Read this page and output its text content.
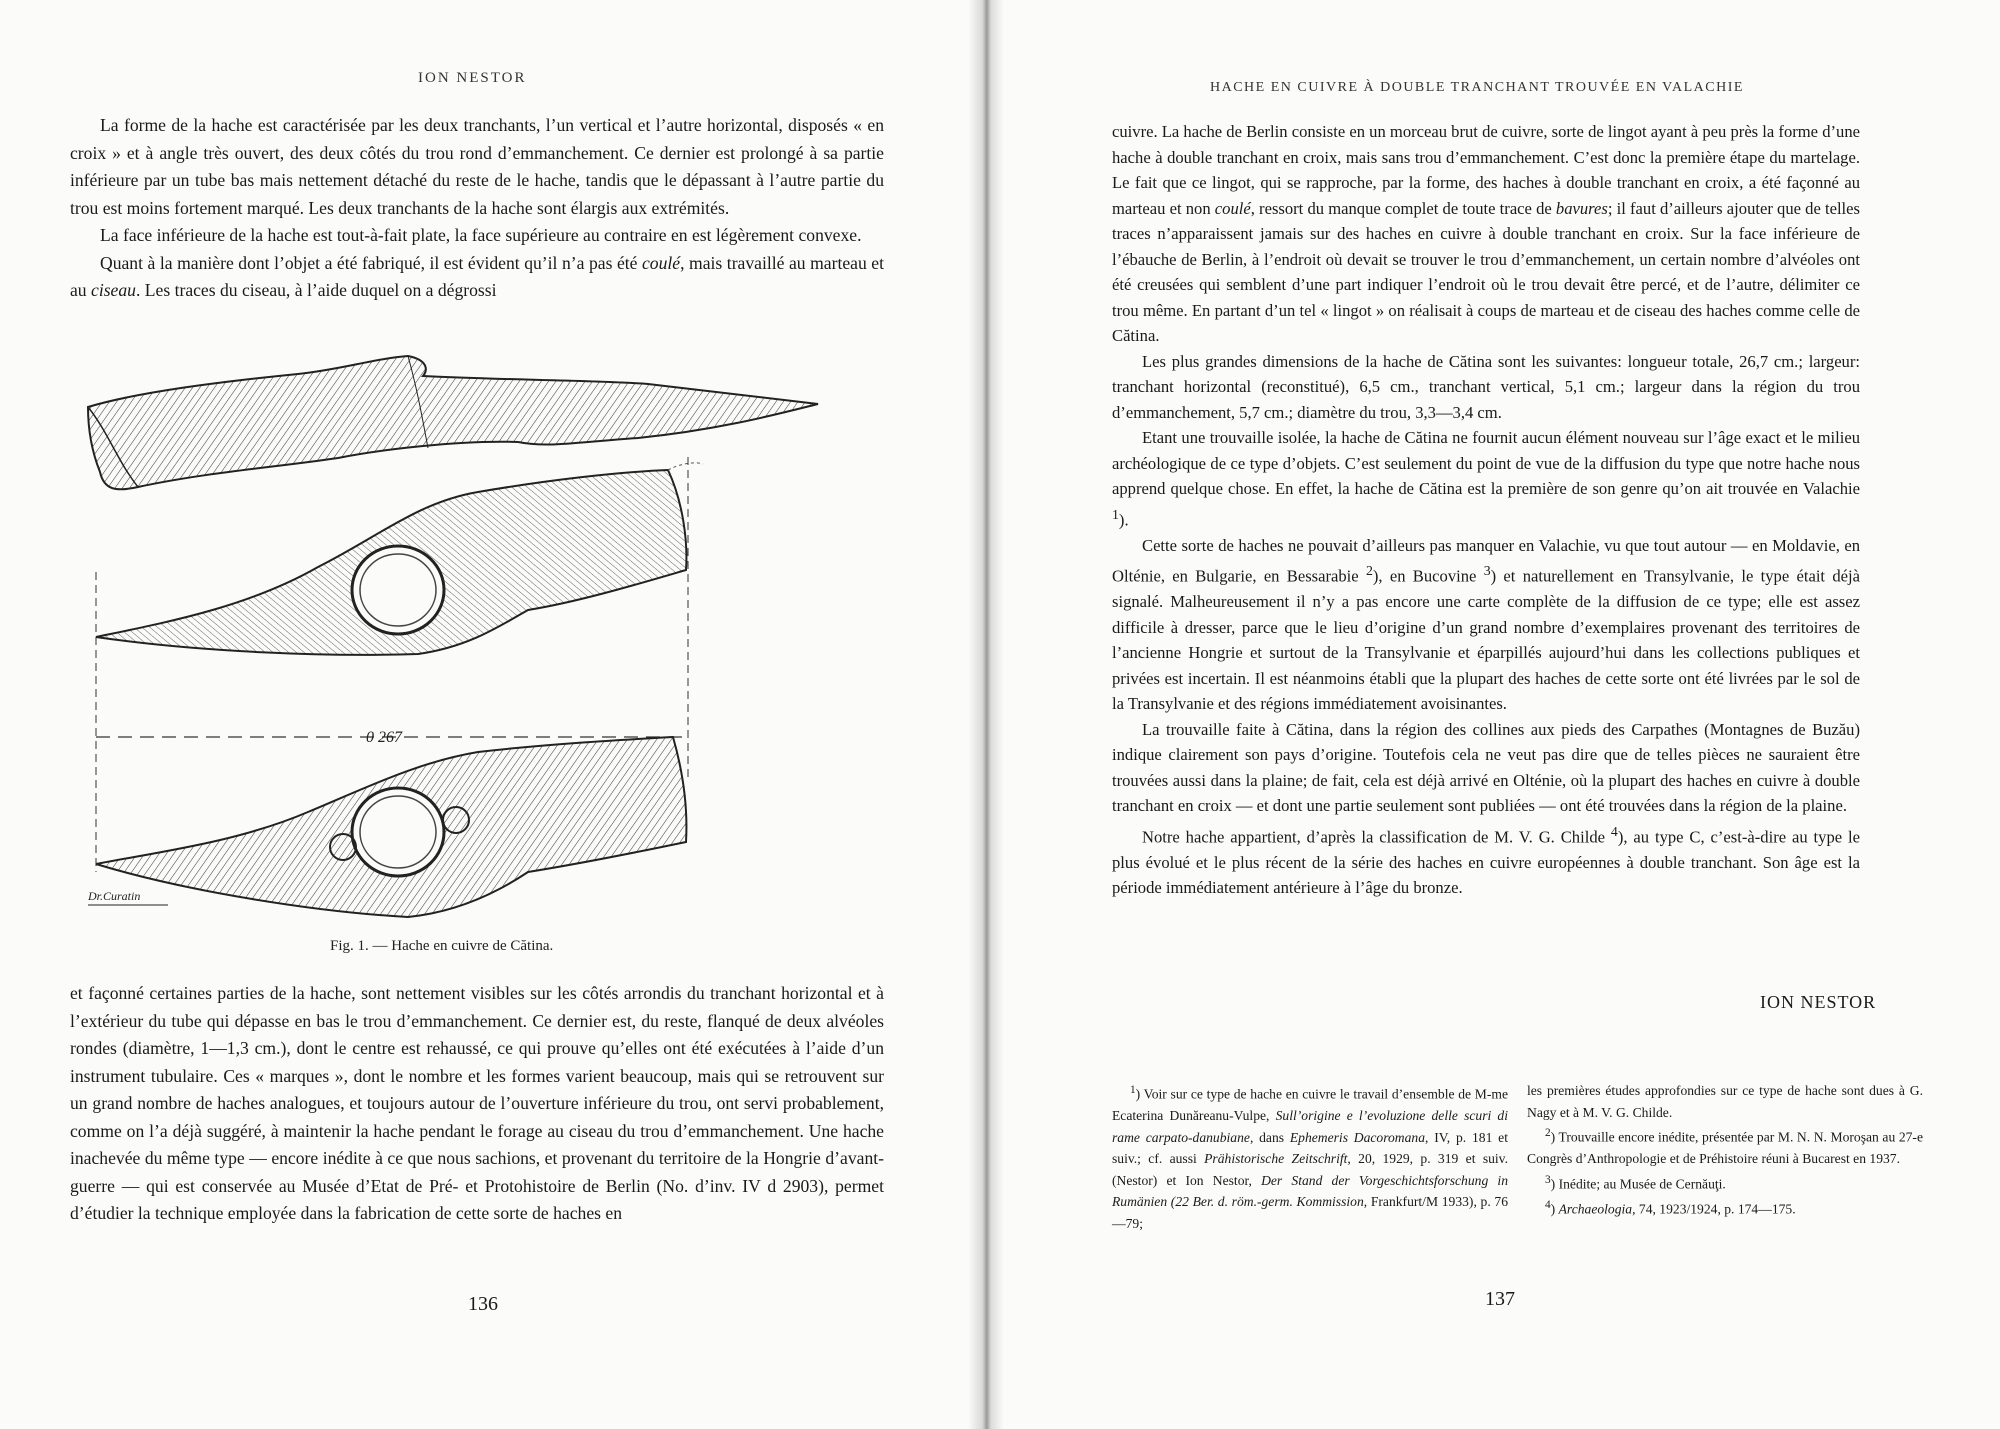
ION NESTOR

La forme de la hache est caractérisée par les deux tranchants, l’un vertical et l’autre horizontal, disposés « en croix » et à angle très ouvert, des deux côtés du trou rond d’emmanchement. Ce dernier est prolongé à sa partie inférieure par un tube bas mais nettement détaché du reste de le hache, tandis que le dépassant à l’autre partie du trou est moins fortement marqué. Les deux tranchants de la hache sont élargis aux extrémités.

La face inférieure de la hache est tout-à-fait plate, la face supérieure au contraire en est légèrement convexe.

Quant à la manière dont l’objet a été fabriqué, il est évident qu’il n’a pas été coulé, mais travaillé au marteau et au ciseau. Les traces du ciseau, à l’aide duquel on a dégrossi

0 267
Dr.Curatin
Fig. 1. — Hache en cuivre de Cătina.

et façonné certaines parties de la hache, sont nettement visibles sur les côtés arrondis du tranchant horizontal et à l’extérieur du tube qui dépasse en bas le trou d’emmanchement. Ce dernier est, du reste, flanqué de deux alvéoles rondes (diamètre, 1—1,3 cm.), dont le centre est rehaussé, ce qui prouve qu’elles ont été exécutées à l’aide d’un instrument tubulaire. Ces « marques », dont le nombre et les formes varient beaucoup, mais qui se retrouvent sur un grand nombre de haches analogues, et toujours autour de l’ouverture inférieure du trou, ont servi probablement, comme on l’a déjà suggéré, à maintenir la hache pendant le forage au ciseau du trou d’emmanchement. Une hache inachevée du même type — encore inédite à ce que nous sachions, et provenant du territoire de la Hongrie d’avant-guerre — qui est conservée au Musée d’Etat de Pré- et Protohistoire de Berlin (No. d’inv. IV d 2903), permet d’étudier la technique employée dans la fabrication de cette sorte de haches en

136
HACHE EN CUIVRE À DOUBLE TRANCHANT TROUVÉE EN VALACHIE

cuivre. La hache de Berlin consiste en un morceau brut de cuivre, sorte de lingot ayant à peu près la forme d’une hache à double tranchant en croix, mais sans trou d’emmanchement. C’est donc la première étape du martelage. Le fait que ce lingot, qui se rapproche, par la forme, des haches à double tranchant en croix, a été façonné au marteau et non coulé, ressort du manque complet de toute trace de bavures; il faut d’ailleurs ajouter que de telles traces n’apparaissent jamais sur des haches en cuivre à double tranchant en croix. Sur la face inférieure de l’ébauche de Berlin, à l’endroit où devait se trouver le trou d’emmanchement, un certain nombre d’alvéoles ont été creusées qui semblent d’une part indiquer l’endroit où le trou devait être percé, et de l’autre, délimiter ce trou même. En partant d’un tel « lingot » on réalisait à coups de marteau et de ciseau des haches comme celle de Cătina.

Les plus grandes dimensions de la hache de Cătina sont les suivantes: longueur totale, 26,7 cm.; largeur: tranchant horizontal (reconstitué), 6,5 cm., tranchant vertical, 5,1 cm.; largeur dans la région du trou d’emmanchement, 5,7 cm.; diamètre du trou, 3,3—3,4 cm.

Etant une trouvaille isolée, la hache de Cătina ne fournit aucun élément nouveau sur l’âge exact et le milieu archéologique de ce type d’objets. C’est seulement du point de vue de la diffusion du type que notre hache nous apprend quelque chose. En effet, la hache de Cătina est la première de son genre qu’on ait trouvée en Valachie $^1$).

Cette sorte de haches ne pouvait d’ailleurs pas manquer en Valachie, vu que tout autour — en Moldavie, en Olténie, en Bulgarie, en Bessarabie $^2$), en Bucovine $^3$) et naturellement en Transylvanie, le type était déjà signalé. Malheureusement il n’y a pas encore une carte complète de la diffusion de ce type; elle est assez difficile à dresser, parce que le lieu d’origine d’un grand nombre d’exemplaires provenant des territoires de l’ancienne Hongrie et surtout de la Transylvanie et éparpillés aujourd’hui dans les collections publiques et privées est incertain. Il est néanmoins établi que la plupart des haches de cette sorte ont été livrées par le sol de la Transylvanie et des régions immédiatement avoisinantes.

La trouvaille faite à Cătina, dans la région des collines aux pieds des Carpathes (Montagnes de Buzău) indique clairement son pays d’origine. Toutefois cela ne veut pas dire que de telles pièces ne sauraient être trouvées aussi dans la plaine; de fait, cela est déjà arrivé en Olténie, où la plupart des haches en cuivre à double tranchant en croix — et dont une partie seulement sont publiées — ont été trouvées dans la région de la plaine.

Notre hache appartient, d’après la classification de M. V. G. Childe $^4$), au type C, c’est-à-dire au type le plus évolué et le plus récent de la série des haches en cuivre européennes à double tranchant. Son âge est la période immédiatement antérieure à l’âge du bronze.

ION NESTOR

$^1$) Voir sur ce type de hache en cuivre le travail d’ensemble de M-me Ecaterina Dunăreanu-Vulpe, Sull’origine e l’evoluzione delle scuri di rame carpato-danubiane, dans Ephemeris Dacoromana, IV, p. 181 et suiv.; cf. aussi Prähistorische Zeitschrift, 20, 1929, p. 319 et suiv. (Nestor) et Ion Nestor, Der Stand der Vorgeschichtsforschung in Rumänien (22 Ber. d. röm.-germ. Kommission, Frankfurt/M 1933), p. 76—79;

les premières études approfondies sur ce type de hache sont dues à G. Nagy et à M. V. G. Childe.

$^2$) Trouvaille encore inédite, présentée par M. N. N. Moroşan au 27-e Congrès d’Anthropologie et de Préhistoire réuni à Bucarest en 1937.

$^3$) Inédite; au Musée de Cernăuţi.

$^4$) Archaeologia, 74, 1923/1924, p. 174—175.

137
